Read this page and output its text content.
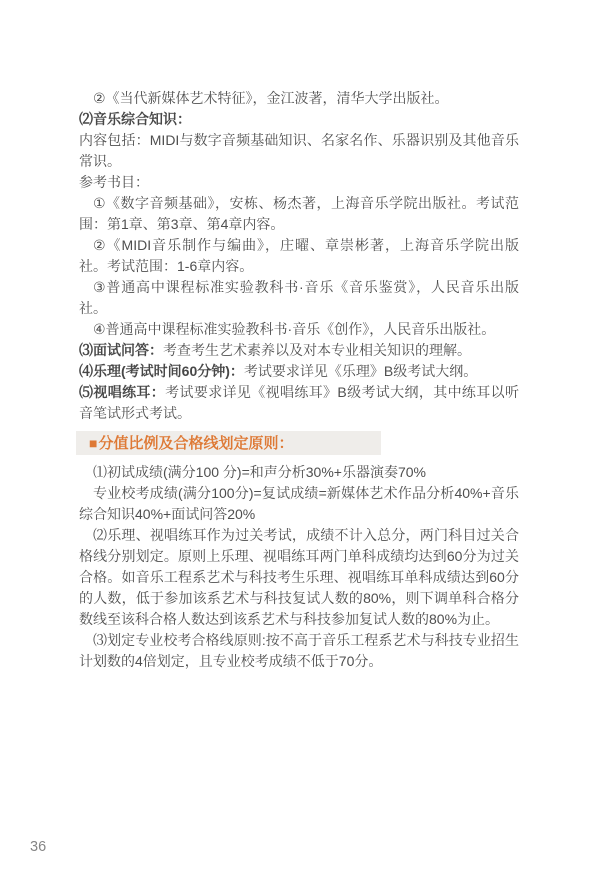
②《当代新媒体艺术特征》，金江波著，清华大学出版社。

⑵音乐综合知识：

内容包括：MIDI与数字音频基础知识、名家名作、乐器识别及其他音乐常识。

参考书目：

①《数字音频基础》，安栋、杨杰著，上海音乐学院出版社。考试范围：第1章、第3章、第4章内容。

②《MIDI音乐制作与编曲》，庄曜、章崇彬著，上海音乐学院出版社。考试范围：1-6章内容。

③普通高中课程标准实验教科书·音乐《音乐鉴赏》，人民音乐出版社。

④普通高中课程标准实验教科书·音乐《创作》，人民音乐出版社。

⑶面试问答：考查考生艺术素养以及对本专业相关知识的理解。

⑷乐理(考试时间60分钟)：考试要求详见《乐理》B级考试大纲。

⑸视唱练耳：考试要求详见《视唱练耳》B级考试大纲，其中练耳以听音笔试形式考试。

■分值比例及合格线划定原则：

⑴初试成绩(满分100 分)=和声分析30%+乐器演奏70%

专业校考成绩(满分100分)=复试成绩=新媒体艺术作品分析40%+音乐综合知识40%+面试问答20%

⑵乐理、视唱练耳作为过关考试，成绩不计入总分，两门科目过关合格线分别划定。原则上乐理、视唱练耳两门单科成绩均达到60分为过关合格。如音乐工程系艺术与科技考生乐理、视唱练耳单科成绩达到60分的人数，低于参加该系艺术与科技复试人数的80%，则下调单科合格分数线至该科合格人数达到该系艺术与科技参加复试人数的80%为止。

⑶划定专业校考合格线原则:按不高于音乐工程系艺术与科技专业招生计划数的4倍划定，且专业校考成绩不低于70分。

36
